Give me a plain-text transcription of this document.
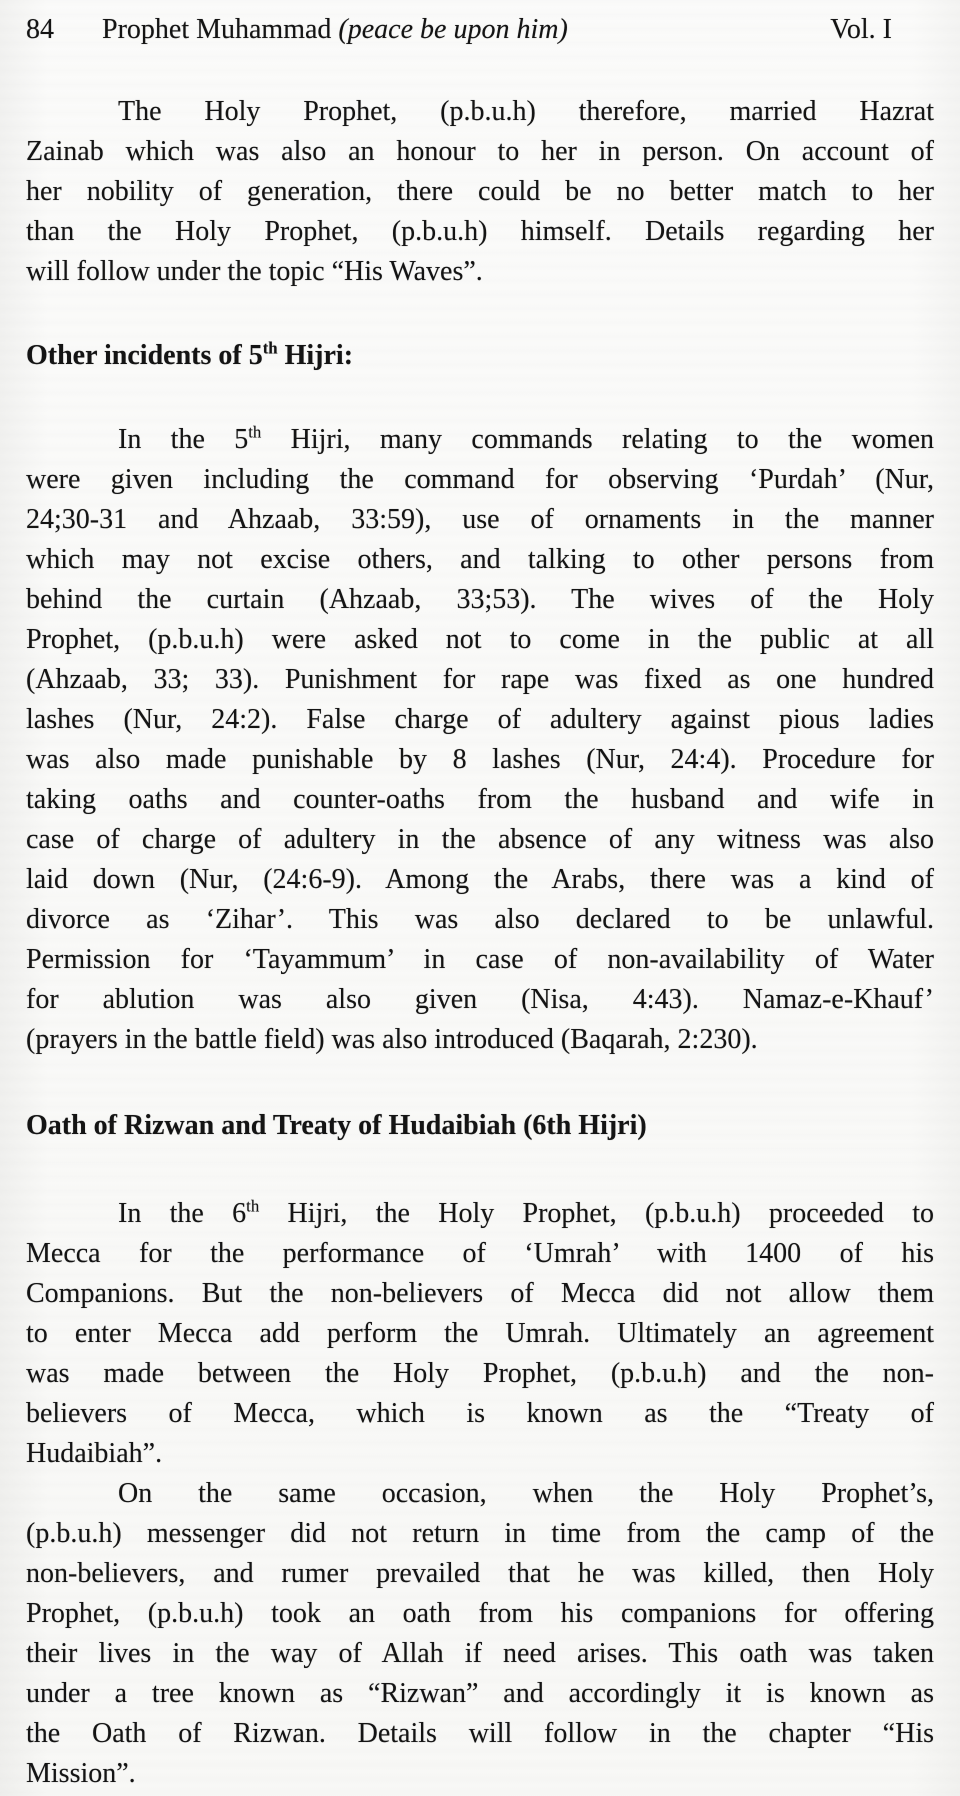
84 Prophet Muhammad (peace be upon him)	Vol. I
The Holy Prophet, (p.b.u.h) therefore, married Hazrat
Zainab which was also an honour to her in person. On account of
her nobility of generation, there could be no better match to her
than the Holy Prophet, (p.b.u.h) himself. Details regarding her
will follow under the topic “His Waves”.
Other incidents of 5th Hijri:
In the 5th Hijri, many commands relating to the women
were given including the command for observing ‘Purdah’ (Nur,
24;30-31 and Ahzaab, 33:59), use of ornaments in the manner
which may not excise others, and talking to other persons from
behind the curtain (Ahzaab, 33;53). The wives of the Holy
Prophet, (p.b.u.h) were asked not to come in the public at all
(Ahzaab, 33; 33). Punishment for rape was fixed as one hundred
lashes (Nur, 24:2). False charge of adultery against pious ladies
was also made punishable by 8 lashes (Nur, 24:4). Procedure for
taking oaths and counter-oaths from the husband and wife in
case of charge of adultery in the absence of any witness was also
laid down (Nur, (24:6-9). Among the Arabs, there was a kind of
divorce as ‘Zihar’. This was also declared to be unlawful.
Permission for ‘Tayammum’ in case of non-availability of Water
for ablution was also given (Nisa, 4:43). Namaz-e-Khauf’
(prayers in the battle field) was also introduced (Baqarah, 2:230).
Oath of Rizwan and Treaty of Hudaibiah (6th Hijri)
In the 6th Hijri, the Holy Prophet, (p.b.u.h) proceeded to
Mecca for the performance of ‘Umrah’ with 1400 of his
Companions. But the non-believers of Mecca did not allow them
to enter Mecca add perform the Umrah. Ultimately an agreement
was made between the Holy Prophet, (p.b.u.h) and the non-
believers of Mecca, which is known as the “Treaty of
Hudaibiah”.
On the same occasion, when the Holy Prophet’s,
(p.b.u.h) messenger did not return in time from the camp of the
non-believers, and rumer prevailed that he was killed, then Holy
Prophet, (p.b.u.h) took an oath from his companions for offering
their lives in the way of Allah if need arises. This oath was taken
under a tree known as “Rizwan” and accordingly it is known as
the Oath of Rizwan. Details will follow in the chapter “His
Mission”.
